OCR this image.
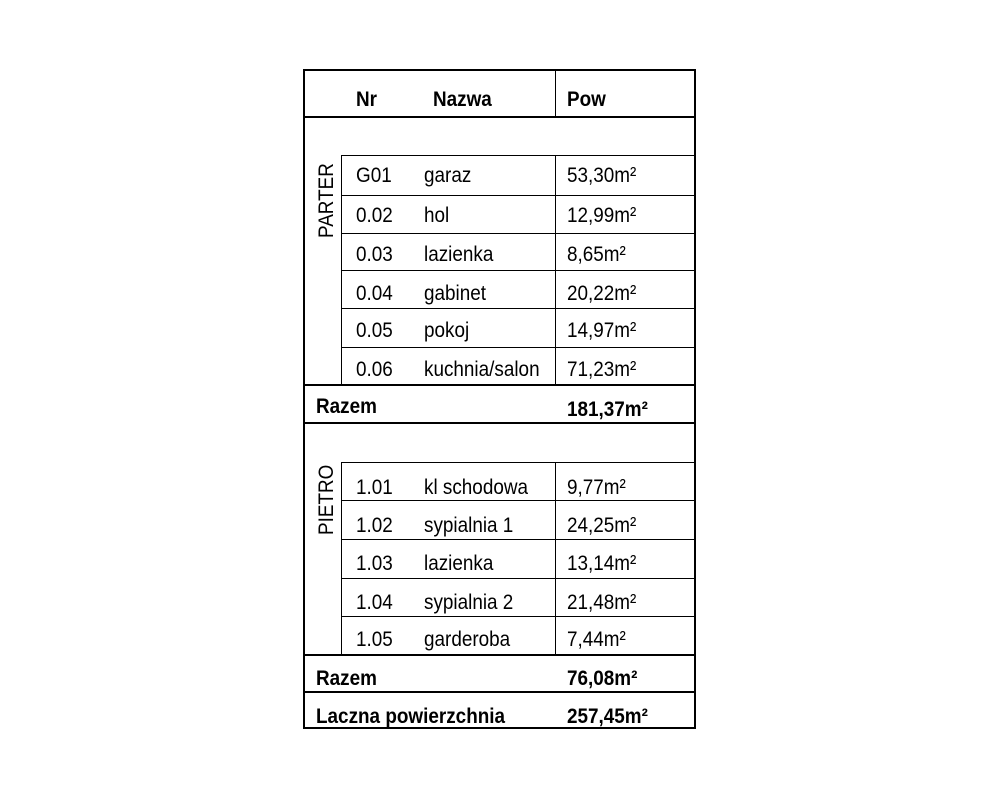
Nr	Nazwa	Pow
PARTER G01 garaz	53,30m²
0.02 hol	12,99m²
0.03 lazienka	8,65m²
0.04 gabinet	20,22m²
0.05 pokoj	14,97m²
0.06 kuchnia/salon 71,23m²
Razem	181,37m²
PIETRO 1.01 kl schodowa 9,77m²
1.02 sypialnia 1	24,25m²
1.03 lazienka	13,14m²
1.04 sypialnia 2	21,48m²
1.05 garderoba	7,44m²
Razem	76,08m²
Laczna powierzchnia	257,45m²
